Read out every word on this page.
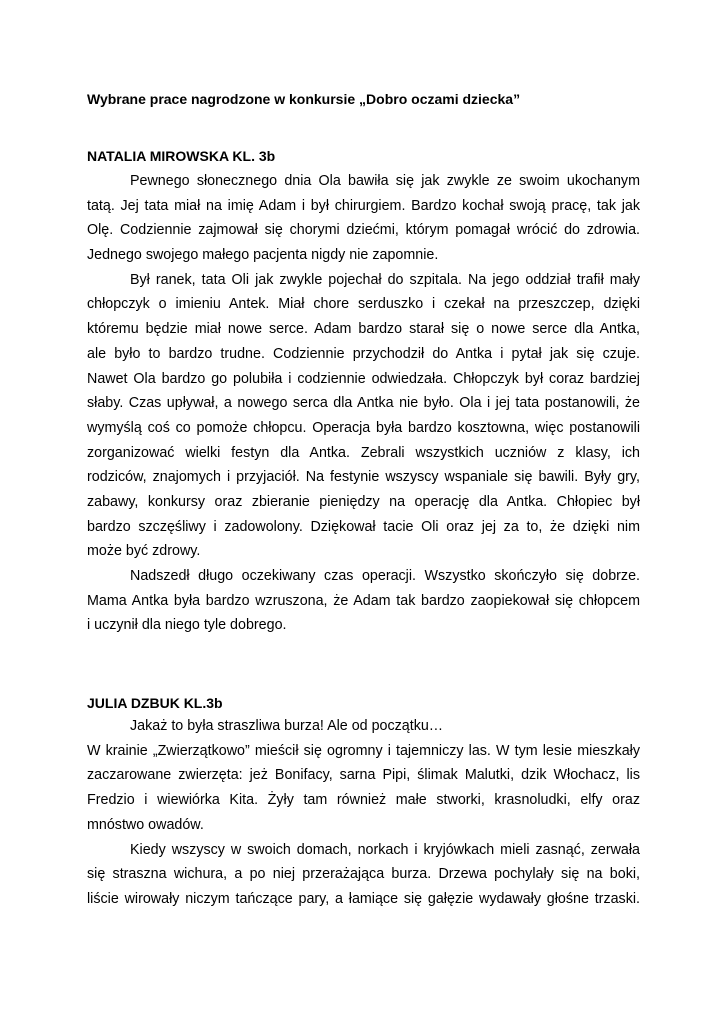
Wybrane prace nagrodzone w konkursie „Dobro oczami dziecka”

NATALIA MIROWSKA KL. 3b

Pewnego słonecznego dnia Ola bawiła się jak zwykle ze swoim ukochanym
tatą. Jej tata miał na imię Adam i był chirurgiem. Bardzo kochał swoją pracę, tak jak
Olę. Codziennie zajmował się chorymi dziećmi, którym pomagał wrócić do zdrowia.
Jednego swojego małego pacjenta nigdy nie zapomnie.
Był ranek, tata Oli jak zwykle pojechał do szpitala. Na jego oddział trafił mały
chłopczyk o imieniu Antek. Miał chore serduszko i czekał na przeszczep, dzięki
któremu będzie miał nowe serce. Adam bardzo starał się o nowe serce dla Antka,
ale było to bardzo trudne. Codziennie przychodził do Antka i pytał jak się czuje.
Nawet Ola bardzo go polubiła i codziennie odwiedzała. Chłopczyk był coraz bardziej
słaby. Czas upływał, a nowego serca dla Antka nie było. Ola i jej tata postanowili, że
wymyślą coś co pomoże chłopcu. Operacja była bardzo kosztowna, więc postanowili
zorganizować wielki festyn dla Antka. Zebrali wszystkich uczniów z klasy, ich
rodziców, znajomych i przyjaciół. Na festynie wszyscy wspaniale się bawili. Były gry,
zabawy, konkursy oraz zbieranie pieniędzy na operację dla Antka. Chłopiec był
bardzo szczęśliwy i zadowolony. Dziękował tacie Oli oraz jej za to, że dzięki nim
może być zdrowy.
Nadszedł długo oczekiwany czas operacji. Wszystko skończyło się dobrze.
Mama Antka była bardzo wzruszona, że Adam tak bardzo zaopiekował się chłopcem
i uczynił dla niego tyle dobrego.

JULIA DZBUK KL.3b

Jakaż to była straszliwa burza! Ale od początku…
W krainie „Zwierzątkowo” mieścił się ogromny i tajemniczy las. W tym lesie mieszkały
zaczarowane zwierzęta: jeż Bonifacy, sarna Pipi, ślimak Malutki, dzik Włochacz, lis
Fredzio i wiewiórka Kita. Żyły tam również małe stworki, krasnoludki, elfy oraz
mnóstwo owadów.
Kiedy wszyscy w swoich domach, norkach i kryjówkach mieli zasnąć, zerwała
się straszna wichura, a po niej przerażająca burza. Drzewa pochylały się na boki,
liście wirowały niczym tańczące pary, a łamiące się gałęzie wydawały głośne trzaski.
